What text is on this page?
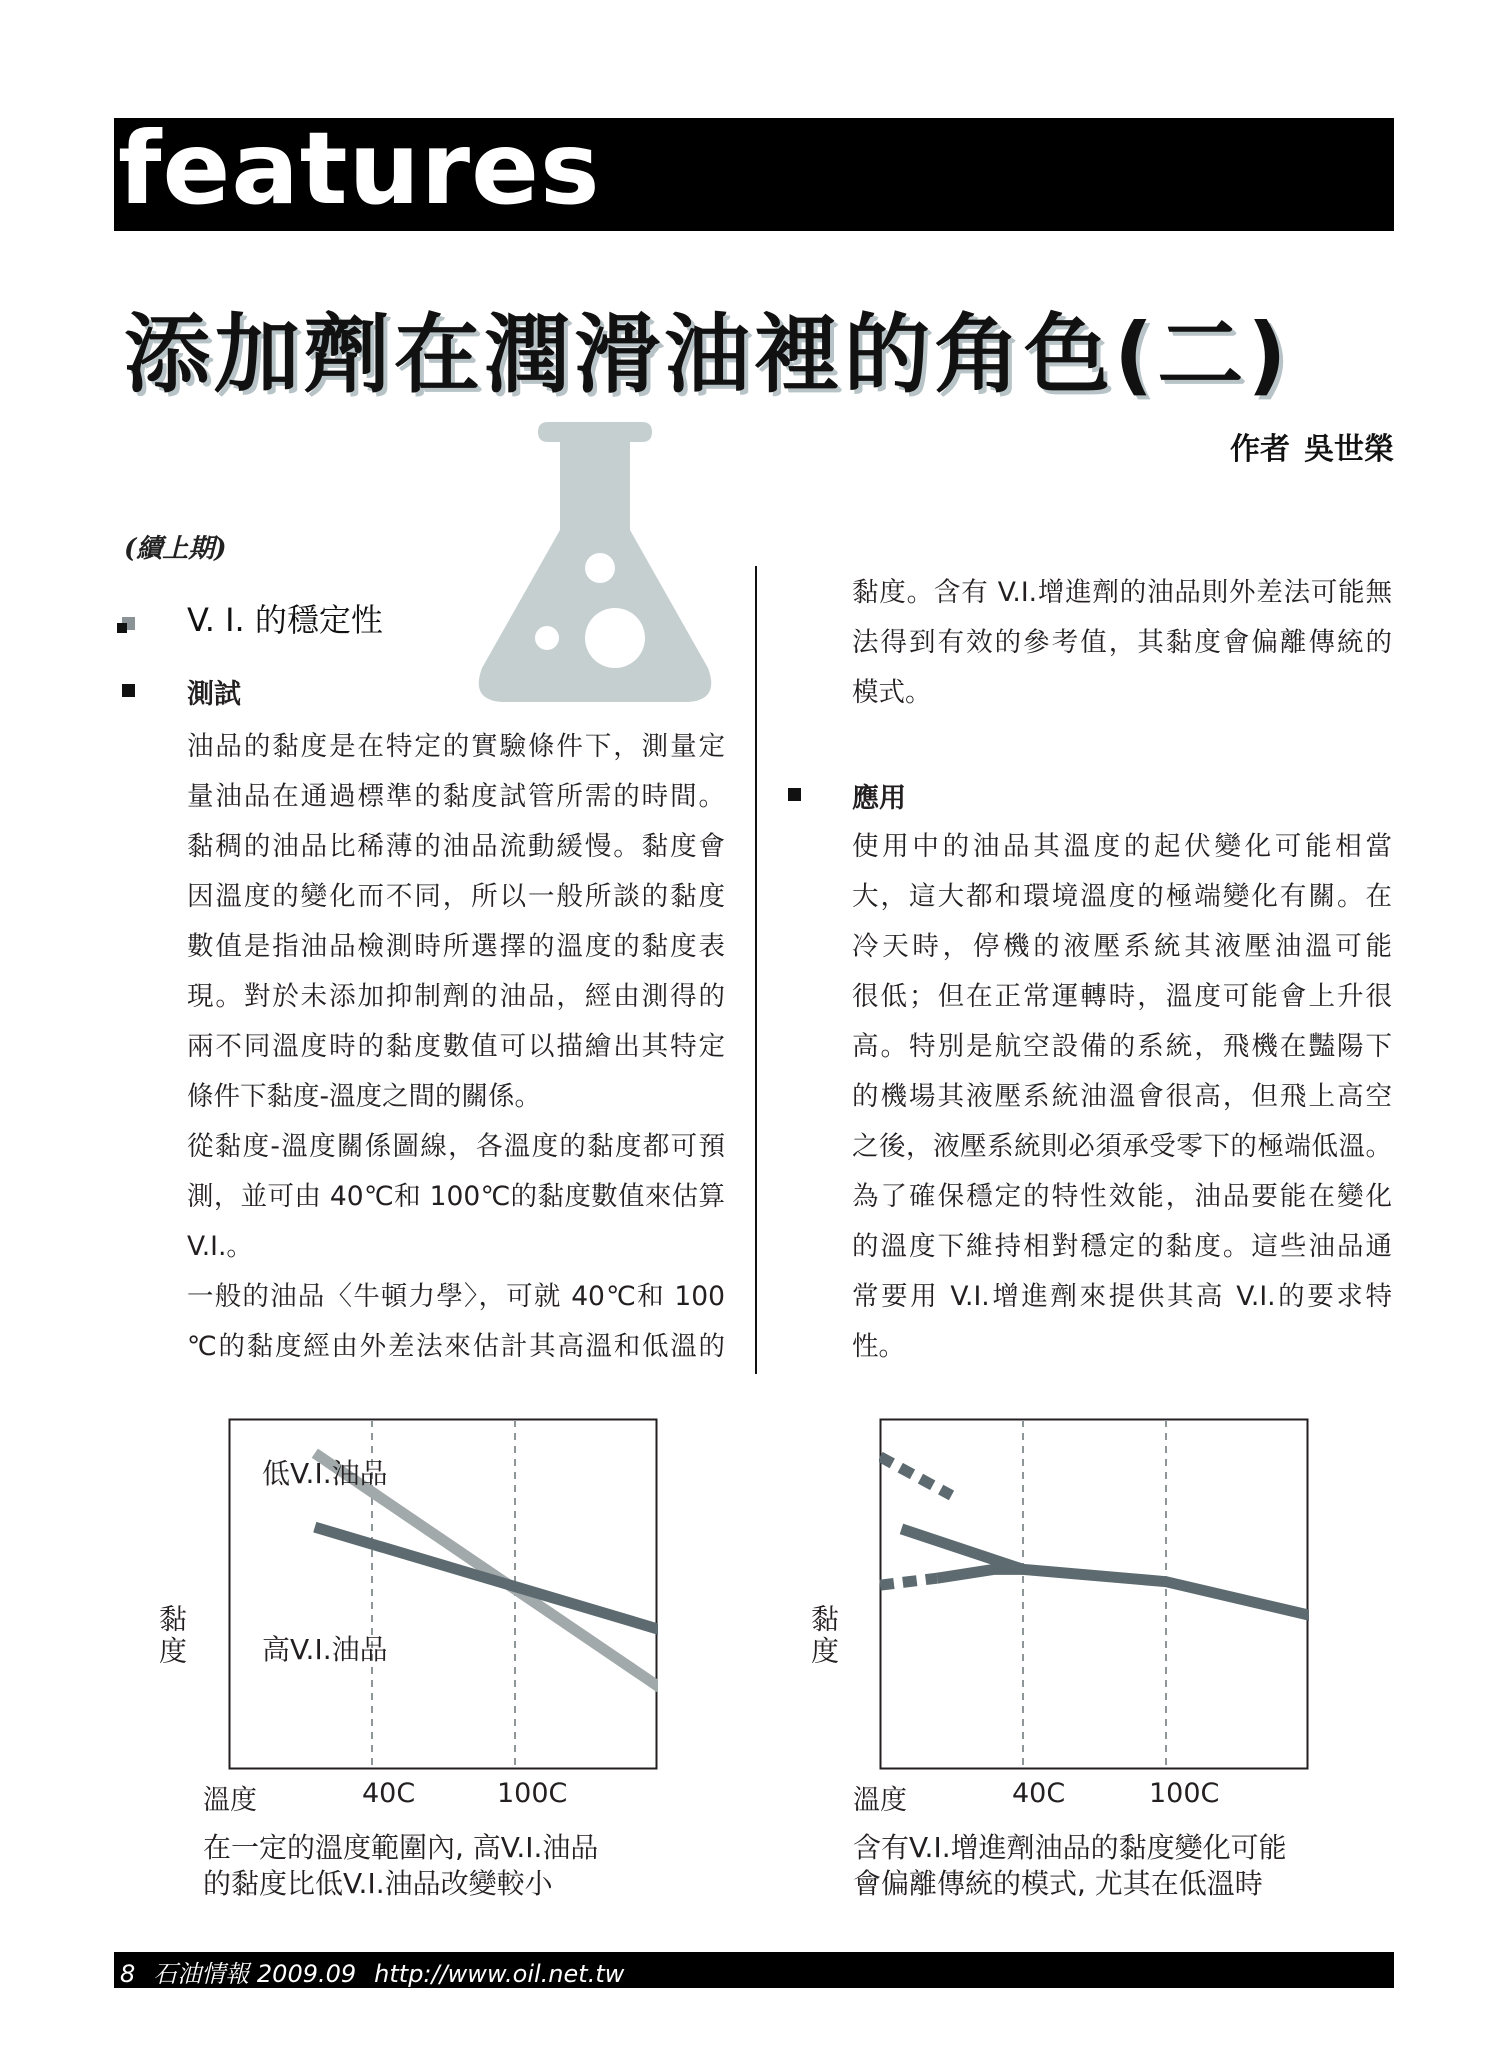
features
添加劑在潤滑油裡的角色(二)
作者 吳世榮
(續上期)
V. I. 的穩定性
測試

油品的黏度是在特定的實驗條件下，測量定

量油品在通過標準的黏度試管所需的時間。

黏稠的油品比稀薄的油品流動緩慢。黏度會

因溫度的變化而不同，所以一般所談的黏度

數值是指油品檢測時所選擇的溫度的黏度表

現。對於未添加抑制劑的油品，經由測得的

兩不同溫度時的黏度數值可以描繪出其特定

條件下黏度-溫度之間的關係。

從黏度-溫度關係圖線，各溫度的黏度都可預

測，並可由 40℃和 100℃的黏度數值來估算

V.I.。

一般的油品〈牛頓力學〉，可就 40℃和 100

℃的黏度經由外差法來估計其高溫和低溫的

黏度。含有 V.I.增進劑的油品則外差法可能無

法得到有效的參考值，其黏度會偏離傳統的

模式。

應用

使用中的油品其溫度的起伏變化可能相當

大，這大都和環境溫度的極端變化有關。在

冷天時，停機的液壓系統其液壓油溫可能

很低；但在正常運轉時，溫度可能會上升很

高。特別是航空設備的系統，飛機在豔陽下

的機場其液壓系統油溫會很高，但飛上高空

之後，液壓系統則必須承受零下的極端低溫。

為了確保穩定的特性效能，油品要能在變化

的溫度下維持相對穩定的黏度。這些油品通

常要用 V.I.增進劑來提供其高 V.I.的要求特

性。

黏度
低V.I.油品
高V.I.油品
溫度	40C	100C
在一定的溫度範圍內, 高V.I.油品
的黏度比低V.I.油品改變較小
黏度
溫度	40C	100C
含有V.I.增進劑油品的黏度變化可能
會偏離傳統的模式, 尤其在低溫時
8 石油情報 2009.09 http://www.oil.net.tw
